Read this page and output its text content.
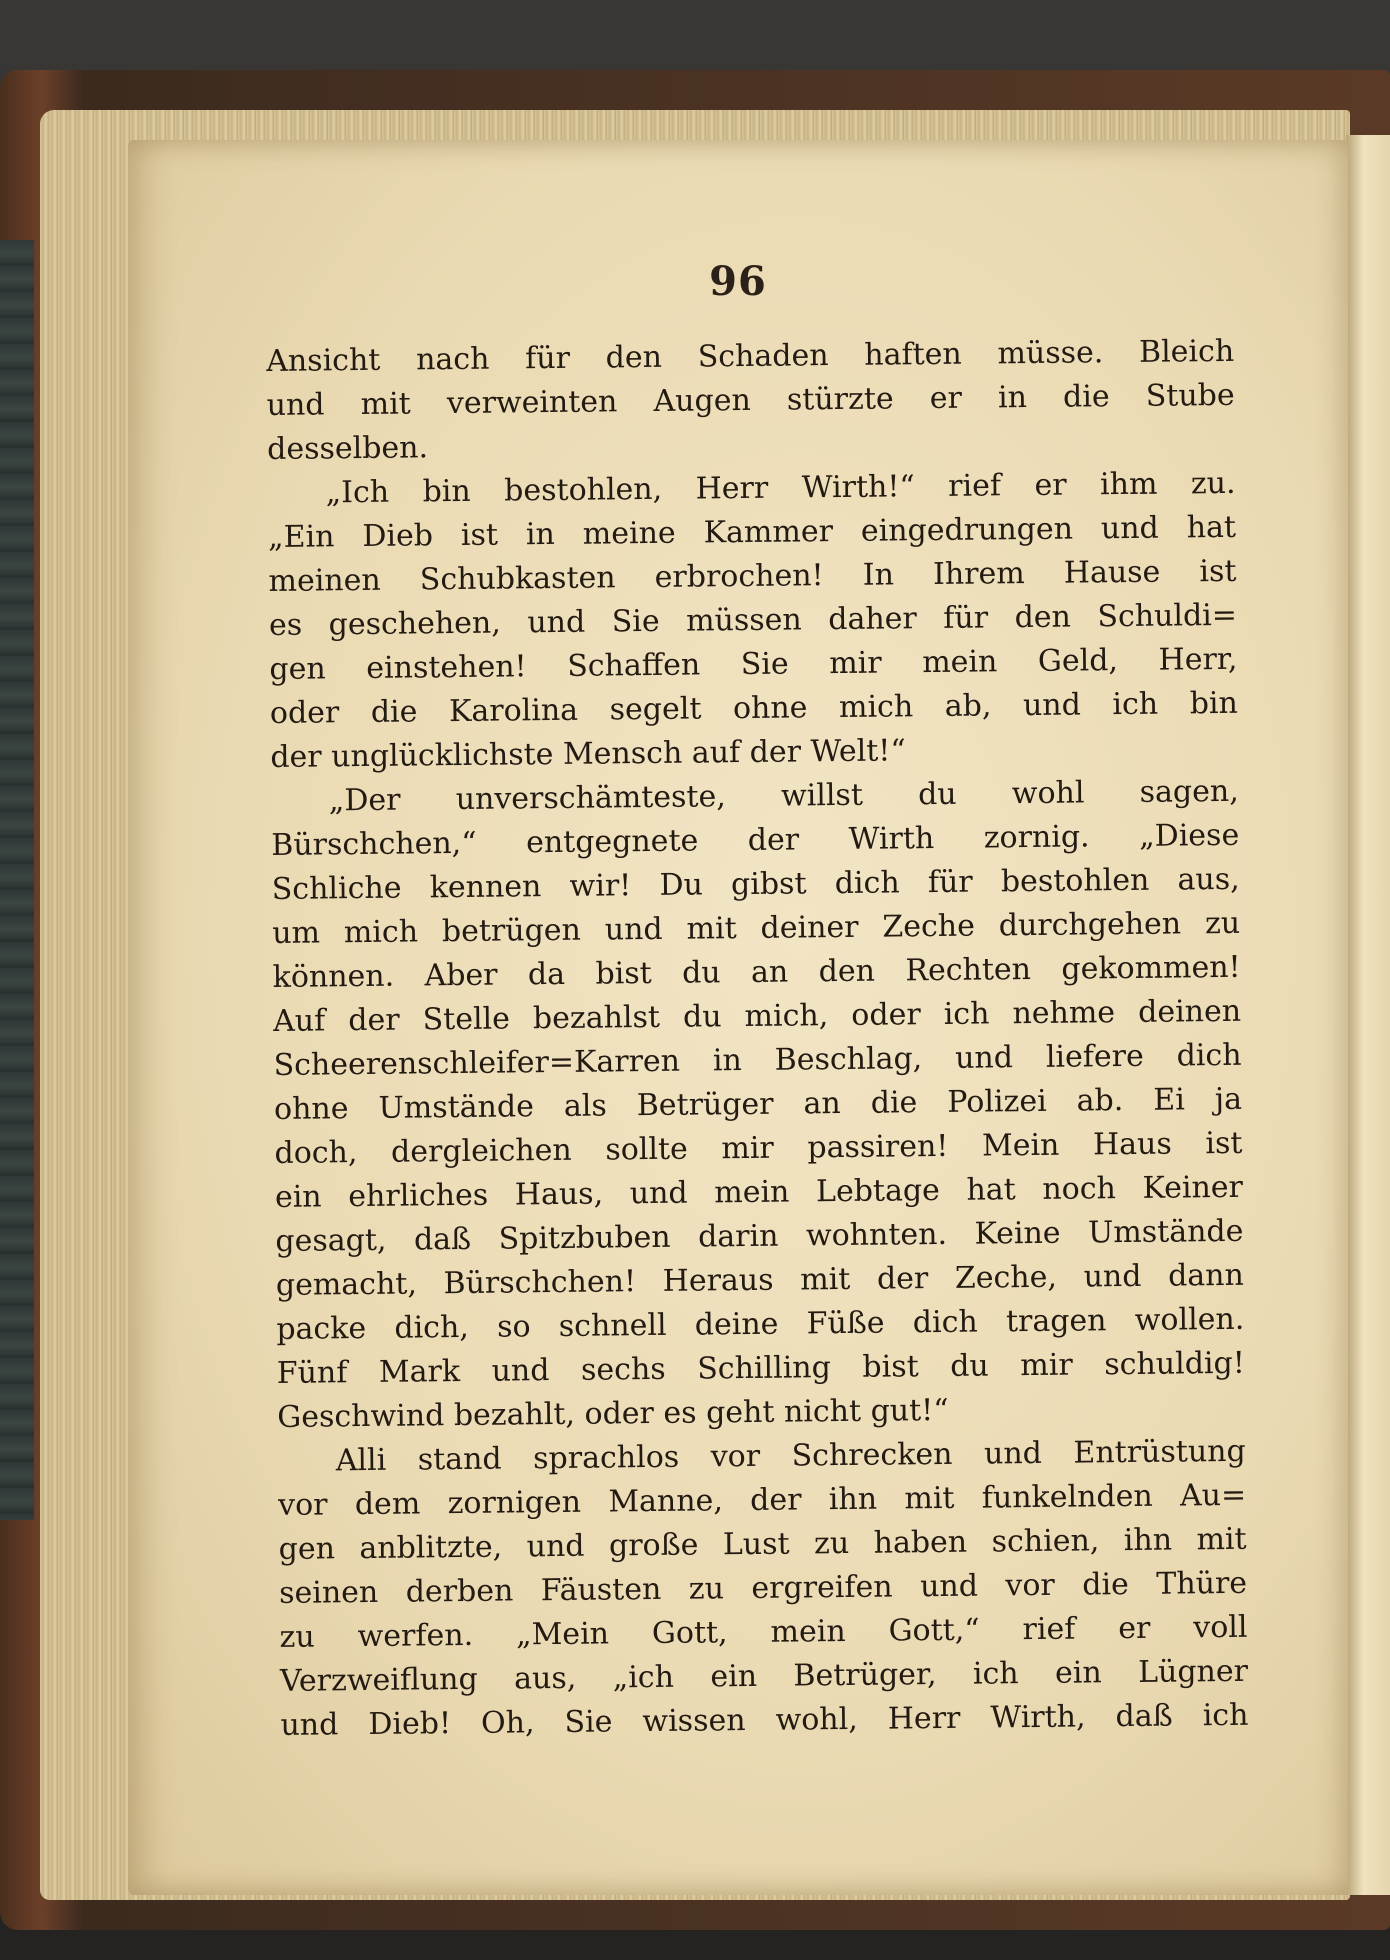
96
Ansicht nach für den Schaden haften müsse. Bleich
und mit verweinten Augen stürzte er in die Stube
desselben.
„Ich bin bestohlen, Herr Wirth!“ rief er ihm zu.
„Ein Dieb ist in meine Kammer eingedrungen und hat
meinen Schubkasten erbrochen! In Ihrem Hause ist
es geschehen, und Sie müssen daher für den Schuldi=
gen einstehen! Schaffen Sie mir mein Geld, Herr,
oder die Karolina segelt ohne mich ab, und ich bin
der unglücklichste Mensch auf der Welt!“
„Der unverschämteste, willst du wohl sagen,
Bürschchen,“ entgegnete der Wirth zornig. „Diese
Schliche kennen wir! Du gibst dich für bestohlen aus,
um mich betrügen und mit deiner Zeche durchgehen zu
können. Aber da bist du an den Rechten gekommen!
Auf der Stelle bezahlst du mich, oder ich nehme deinen
Scheerenschleifer=Karren in Beschlag, und liefere dich
ohne Umstände als Betrüger an die Polizei ab. Ei ja
doch, dergleichen sollte mir passiren! Mein Haus ist
ein ehrliches Haus, und mein Lebtage hat noch Keiner
gesagt, daß Spitzbuben darin wohnten. Keine Umstände
gemacht, Bürschchen! Heraus mit der Zeche, und dann
packe dich, so schnell deine Füße dich tragen wollen.
Fünf Mark und sechs Schilling bist du mir schuldig!
Geschwind bezahlt, oder es geht nicht gut!“
Alli stand sprachlos vor Schrecken und Entrüstung
vor dem zornigen Manne, der ihn mit funkelnden Au=
gen anblitzte, und große Lust zu haben schien, ihn mit
seinen derben Fäusten zu ergreifen und vor die Thüre
zu werfen. „Mein Gott, mein Gott,“ rief er voll
Verzweiflung aus, „ich ein Betrüger, ich ein Lügner
und Dieb! Oh, Sie wissen wohl, Herr Wirth, daß ich
